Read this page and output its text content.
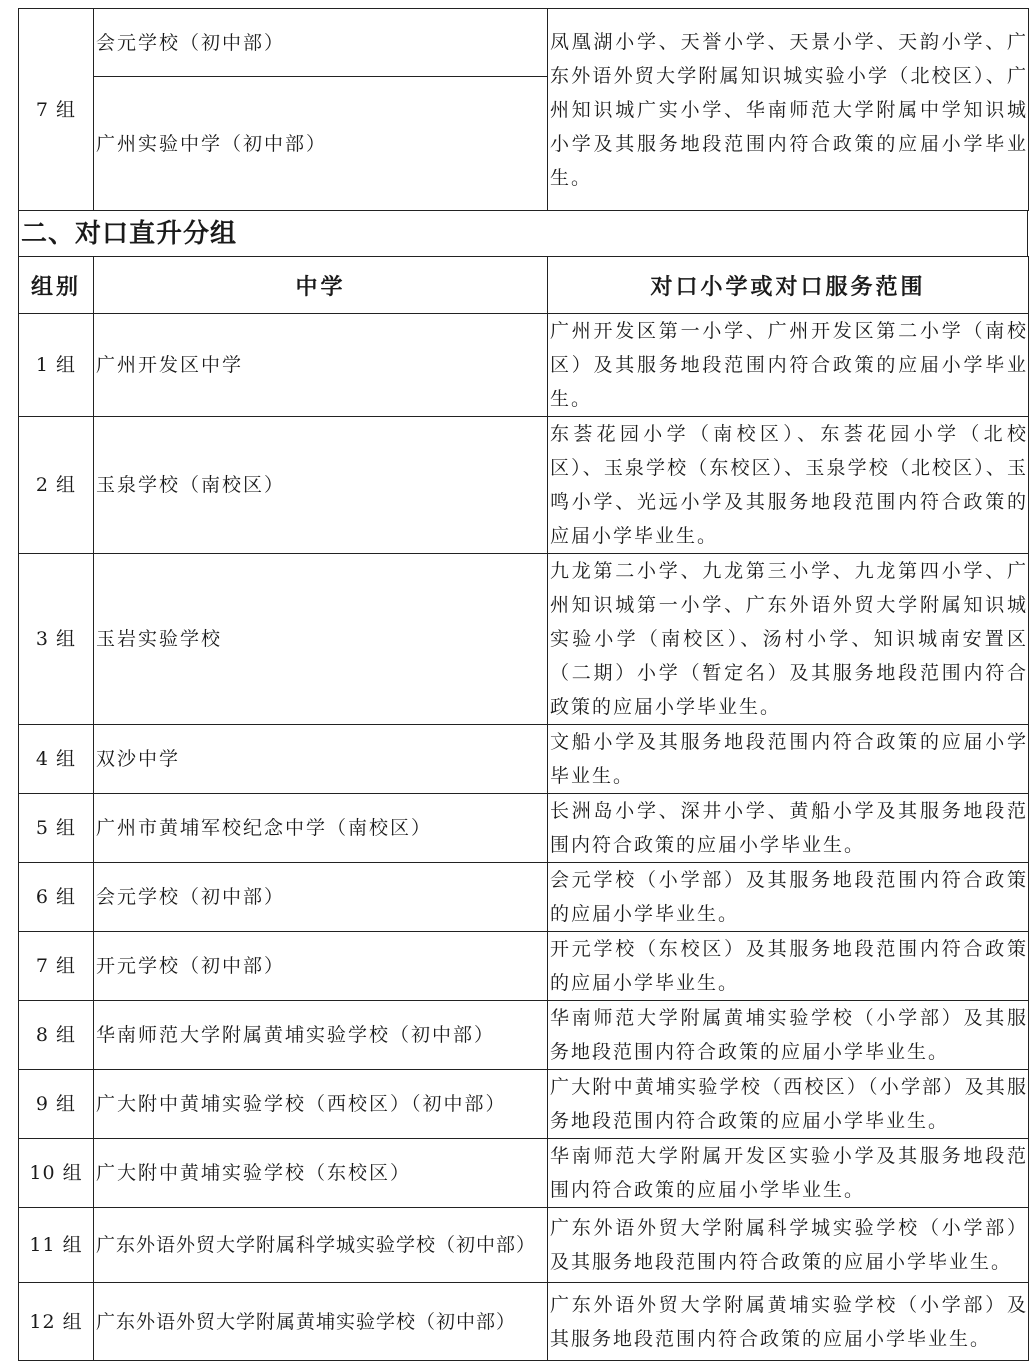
7 组	会元学校（初中部）	凤凰湖小学、天誉小学、天景小学、天韵小学、广东外语外贸大学附属知识城实验小学（北校区）、广州知识城广实小学、华南师范大学附属中学知识城小学及其服务地段范围内符合政策的应届小学毕业生。
广州实验中学（初中部）
二、对口直升分组
组别	中学	对口小学或对口服务范围
1 组	广州开发区中学	广州开发区第一小学、广州开发区第二小学（南校区）及其服务地段范围内符合政策的应届小学毕业生。
2 组	玉泉学校（南校区）	东荟花园小学（南校区）、东荟花园小学（北校区）、玉泉学校（东校区）、玉泉学校（北校区）、玉鸣小学、光远小学及其服务地段范围内符合政策的应届小学毕业生。
3 组	玉岩实验学校	九龙第二小学、九龙第三小学、九龙第四小学、广州知识城第一小学、广东外语外贸大学附属知识城实验小学（南校区）、汤村小学、知识城南安置区（二期）小学（暂定名）及其服务地段范围内符合政策的应届小学毕业生。
4 组	双沙中学	文船小学及其服务地段范围内符合政策的应届小学毕业生。
5 组	广州市黄埔军校纪念中学（南校区）	长洲岛小学、深井小学、黄船小学及其服务地段范围内符合政策的应届小学毕业生。
6 组	会元学校（初中部）	会元学校（小学部）及其服务地段范围内符合政策的应届小学毕业生。
7 组	开元学校（初中部）	开元学校（东校区）及其服务地段范围内符合政策的应届小学毕业生。
8 组	华南师范大学附属黄埔实验学校（初中部）	华南师范大学附属黄埔实验学校（小学部）及其服务地段范围内符合政策的应届小学毕业生。
9 组	广大附中黄埔实验学校（西校区）（初中部）	广大附中黄埔实验学校（西校区）（小学部）及其服务地段范围内符合政策的应届小学毕业生。
10 组	广大附中黄埔实验学校（东校区）	华南师范大学附属开发区实验小学及其服务地段范围内符合政策的应届小学毕业生。
11 组	广东外语外贸大学附属科学城实验学校（初中部）	广东外语外贸大学附属科学城实验学校（小学部）及其服务地段范围内符合政策的应届小学毕业生。
12 组	广东外语外贸大学附属黄埔实验学校（初中部）	广东外语外贸大学附属黄埔实验学校（小学部）及其服务地段范围内符合政策的应届小学毕业生。
